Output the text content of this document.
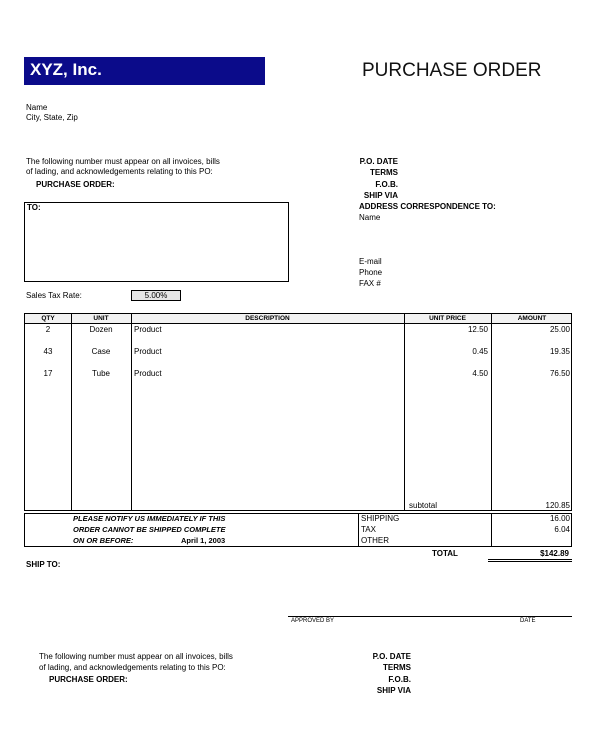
XYZ, Inc.	PURCHASE ORDER
Name
City, State, Zip
The following number must appear on all invoices, bills
of lading, and acknowledgements relating to this PO:
PURCHASE ORDER:
P.O. DATE
TERMS
F.O.B.
SHIP VIA
ADDRESS CORRESPONDENCE TO:
Name
E-mail
Phone
FAX #
TO:
Sales Tax Rate:	5.00%
QTY	UNIT	DESCRIPTION	UNIT PRICE	AMOUNT
2	Dozen	Product	12.50	25.00
43	Case	Product	0.45	19.35
17	Tube	Product	4.50	76.50
subtotal	120.85
PLEASE NOTIFY US IMMEDIATELY IF THIS
ORDER CANNOT BE SHIPPED COMPLETE
ON OR BEFORE:	April 1, 2003
SHIPPING	16.00
TAX	6.04
OTHER
TOTAL	$142.89
SHIP TO:
APPROVED BY	DATE
The following number must appear on all invoices, bills
of lading, and acknowledgements relating to this PO:
PURCHASE ORDER:
P.O. DATE
TERMS
F.O.B.
SHIP VIA
